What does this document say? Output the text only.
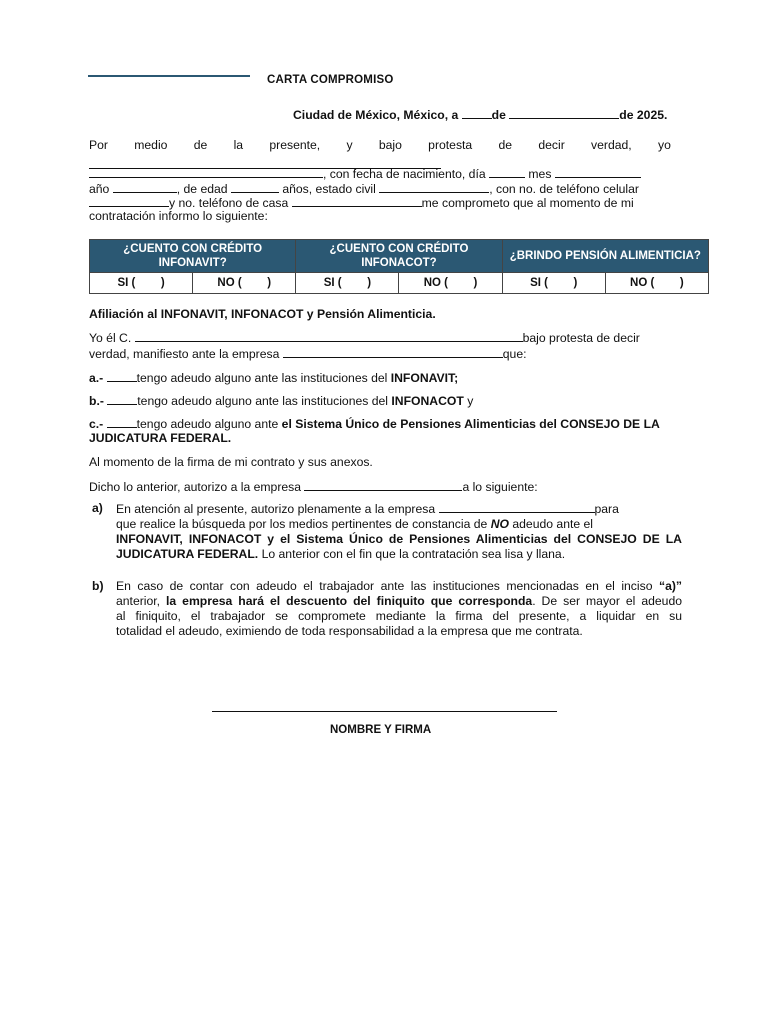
CARTA COMPROMISO
Ciudad de México, México, a	de	de 2025.
Por medio de la presente, y bajo protesta de decir verdad, yo
, con fecha de nacimiento, día	mes
año	, de edad	años, estado civil	, con no. de teléfono celular
y no. teléfono de casa	me comprometo que al momento de mi
contratación informo lo siguiente:
¿CUENTO CON CRÉDITO INFONAVIT?		¿CUENTO CON CRÉDITO INFONACOT?		¿BRINDO PENSIÓN ALIMENTICIA?	
SI (        )	NO (        )	SI (        )	NO (        )	SI (        )	NO (        )
Afiliación al INFONAVIT, INFONACOT y Pensión Alimenticia.
Yo él C.	bajo protesta de decir
verdad, manifiesto ante la empresa	que:
a.-	tengo adeudo alguno ante las instituciones del INFONAVIT;
b.-	tengo adeudo alguno ante las instituciones del INFONACOT y
c.-	tengo adeudo alguno ante el Sistema Único de Pensiones Alimenticias del CONSEJO DE LA
JUDICATURA FEDERAL.
Al momento de la firma de mi contrato y sus anexos.
Dicho lo anterior, autorizo a la empresa	a lo siguiente:
a) En atención al presente, autorizo plenamente a la empresa	para
que realice la búsqueda por los medios pertinentes de constancia de NO adeudo ante el
INFONAVIT, INFONACOT y el Sistema Único de Pensiones Alimenticias del CONSEJO DE LA
JUDICATURA FEDERAL. Lo anterior con el fin que la contratación sea lisa y llana.
b) En caso de contar con adeudo el trabajador ante las instituciones mencionadas en el inciso “a)”
anterior, la empresa hará el descuento del finiquito que corresponda. De ser mayor el adeudo
al finiquito, el trabajador se compromete mediante la firma del presente, a liquidar en su
totalidad el adeudo, eximiendo de toda responsabilidad a la empresa que me contrata.
NOMBRE Y FIRMA
